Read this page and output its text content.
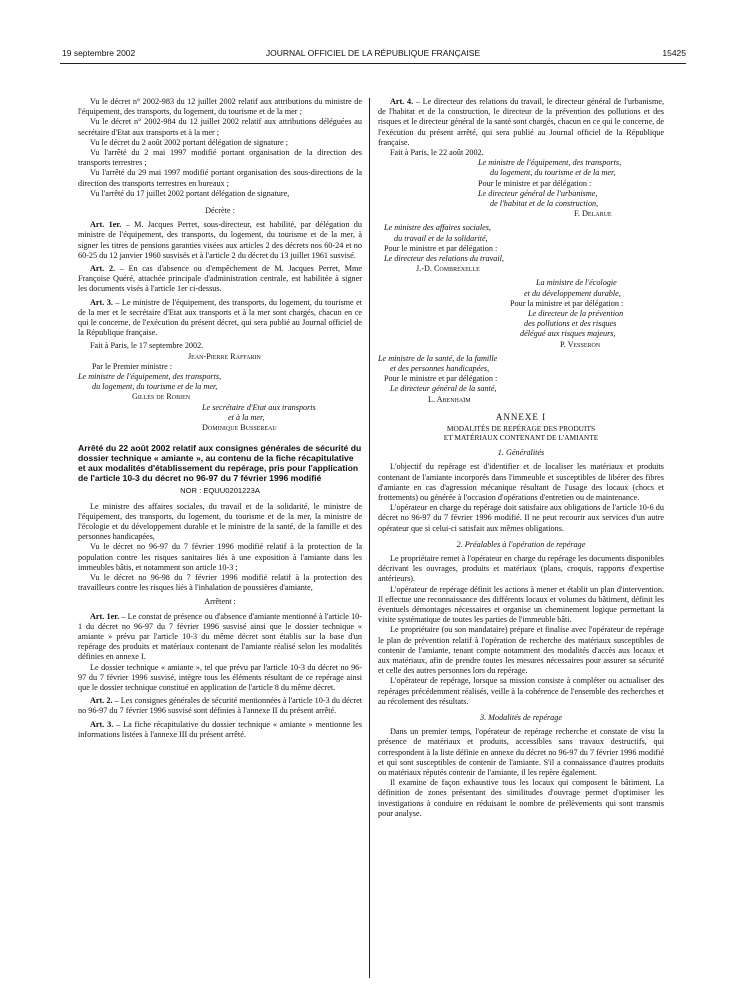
19 septembre 2002	JOURNAL OFFICIEL DE LA RÉPUBLIQUE FRANÇAISE	15425

Vu le décret n° 2002-983 du 12 juillet 2002 relatif aux attributions du ministre de l'équipement, des transports, du logement, du tourisme et de la mer ;

Vu le décret n° 2002-984 du 12 juillet 2002 relatif aux attributions déléguées au secrétaire d'Etat aux transports et à la mer ;

Vu le décret du 2 août 2002 portant délégation de signature ;

Vu l'arrêté du 2 mai 1997 modifié portant organisation de la direction des transports terrestres ;

Vu l'arrêté du 29 mai 1997 modifié portant organisation des sous-directions de la direction des transports terrestres en bureaux ;

Vu l'arrêté du 17 juillet 2002 portant délégation de signature,

Décrète :

Art. 1er. – M. Jacques Perret, sous-directeur, est habilité, par délégation du ministre de l'équipement, des transports, du logement, du tourisme et de la mer, à signer les titres de pensions garanties visées aux articles 2 des décrets nos 60-24 et no 60-25 du 12 janvier 1960 susvisés et à l'article 2 du décret du 13 juillet 1961 susvisé.

Art. 2. – En cas d'absence ou d'empêchement de M. Jacques Perret, Mme Françoise Quéré, attachée principale d'administration centrale, est habilitée à signer les documents visés à l'article 1er ci-dessus.

Art. 3. – Le ministre de l'équipement, des transports, du logement, du tourisme et de la mer et le secrétaire d'Etat aux transports et à la mer sont chargés, chacun en ce qui le concerne, de l'exécution du présent décret, qui sera publié au Journal officiel de la République française.

Fait à Paris, le 17 septembre 2002.

Jean-Pierre Raffarin

Par le Premier ministre :

Le ministre de l'équipement, des transports,

du logement, du tourisme et de la mer,

Gilles de Robien

Le secrétaire d'Etat aux transports

et à la mer,

Dominique Bussereau

Arrêté du 22 août 2002 relatif aux consignes générales de sécurité du dossier technique « amiante », au contenu de la fiche récapitulative et aux modalités d'établissement du repérage, pris pour l'application de l'article 10-3 du décret no 96-97 du 7 février 1996 modifié

NOR : EQUU0201223A

Le ministre des affaires sociales, du travail et de la solidarité, le ministre de l'équipement, des transports, du logement, du tourisme et de la mer, la ministre de l'écologie et du développement durable et le ministre de la santé, de la famille et des personnes handicapées,

Vu le décret no 96-97 du 7 février 1996 modifié relatif à la protection de la population contre les risques sanitaires liés à une exposition à l'amiante dans les immeubles bâtis, et notamment son article 10-3 ;

Vu le décret no 96-98 du 7 février 1996 modifié relatif à la protection des travailleurs contre les risques liés à l'inhalation de poussières d'amiante,

Arrêtent :

Art. 1er. – Le constat de présence ou d'absence d'amiante mentionné à l'article 10-1 du décret no 96-97 du 7 février 1996 susvisé ainsi que le dossier technique « amiante » prévu par l'article 10-3 du même décret sont établis sur la base d'un repérage des produits et matériaux contenant de l'amiante réalisé selon les modalités définies en annexe I.

Le dossier technique « amiante », tel que prévu par l'article 10-3 du décret no 96-97 du 7 février 1996 susvisé, intègre tous les éléments résultant de ce repérage ainsi que le dossier technique constitué en application de l'article 8 du même décret.

Art. 2. – Les consignes générales de sécurité mentionnées à l'article 10-3 du décret no 96-97 du 7 février 1996 susvisé sont définies à l'annexe II du présent arrêté.

Art. 3. – La fiche récapitulative du dossier technique « amiante » mentionne les informations listées à l'annexe III du présent arrêté.

Art. 4. – Le directeur des relations du travail, le directeur général de l'urbanisme, de l'habitat et de la construction, le directeur de la prévention des pollutions et des risques et le directeur général de la santé sont chargés, chacun en ce qui le concerne, de l'exécution du présent arrêté, qui sera publié au Journal officiel de la République française.

Fait à Paris, le 22 août 2002.

Le ministre de l'équipement, des transports,

du logement, du tourisme et de la mer,

Pour le ministre et par délégation :

Le directeur général de l'urbanisme,

de l'habitat et de la construction,

F. Delarue

Le ministre des affaires sociales,

du travail et de la solidarité,

Pour le ministre et par délégation :

Le directeur des relations du travail,

J.-D. Combrexelle

La ministre de l'écologie

et du développement durable,

Pour la ministre et par délégation :

Le directeur de la prévention

des pollutions et des risques

délégué aux risques majeurs,

P. Vesseron

Le ministre de la santé, de la famille

et des personnes handicapées,

Pour le ministre et par délégation :

Le directeur général de la santé,

L. Abenhaïm

ANNEXE I

MODALITÉS DE REPÉRAGE DES PRODUITS

ET MATÉRIAUX CONTENANT DE L'AMIANTE

1. Généralités

L'objectif du repérage est d'identifier et de localiser les matériaux et produits contenant de l'amiante incorporés dans l'immeuble et susceptibles de libérer des fibres d'amiante en cas d'agression mécanique résultant de l'usage des locaux (chocs et frottements) ou générée à l'occasion d'opérations d'entretien ou de maintenance.

L'opérateur en charge du repérage doit satisfaire aux obligations de l'article 10-6 du décret no 96-97 du 7 février 1996 modifié. Il ne peut recourir aux services d'un autre opérateur que si celui-ci satisfait aux mêmes obligations.

2. Préalables à l'opération de repérage

Le propriétaire remet à l'opérateur en charge du repérage les documents disponibles décrivant les ouvrages, produits et matériaux (plans, croquis, rapports d'expertise antérieurs).

L'opérateur de repérage définit les actions à mener et établit un plan d'intervention. Il effectue une reconnaissance des différents locaux et volumes du bâtiment, définit les éventuels démontages nécessaires et organise un cheminement logique permettant la visite systématique de toutes les parties de l'immeuble bâti.

Le propriétaire (ou son mandataire) prépare et finalise avec l'opérateur de repérage le plan de prévention relatif à l'opération de recherche des matériaux susceptibles de contenir de l'amiante, tenant compte notamment des modalités d'accès aux locaux et aux matériaux, afin de prendre toutes les mesures nécessaires pour assurer sa sécurité et celle des autres personnes lors du repérage.

L'opérateur de repérage, lorsque sa mission consiste à compléter ou actualiser des repérages précédemment réalisés, veille à la cohérence de l'ensemble des recherches et au récolement des résultats.

3. Modalités de repérage

Dans un premier temps, l'opérateur de repérage recherche et constate de visu la présence de matériaux et produits, accessibles sans travaux destructifs, qui correspondent à la liste définie en annexe du décret no 96-97 du 7 février 1996 modifié et qui sont susceptibles de contenir de l'amiante. S'il a connaissance d'autres produits ou matériaux réputés contenir de l'amiante, il les repère également.

Il examine de façon exhaustive tous les locaux qui composent le bâtiment. La définition de zones présentant des similitudes d'ouvrage permet d'optimiser les investigations à conduire en réduisant le nombre de prélèvements qui sont transmis pour analyse.
